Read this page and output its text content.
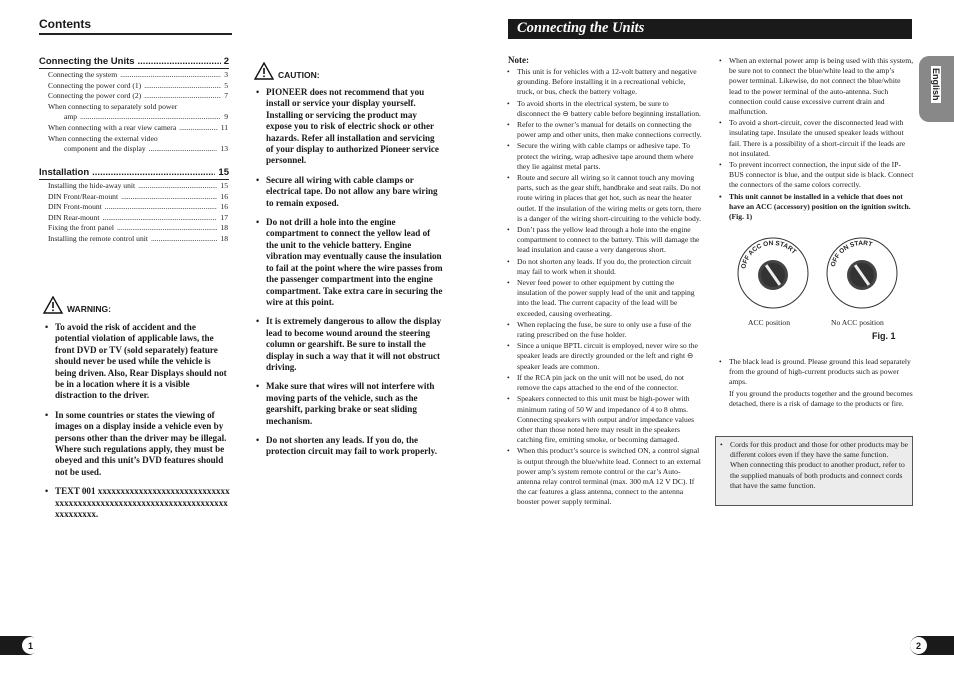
Contents
Connecting the Units .....	2
Connecting the system .....	3
Connecting the power cord (1) .....	5
Connecting the power cord (2) .....	7
When connecting to separately sold power
amp .....	9
When connecting with a rear view camera .....	11
When connecting the external video
component and the display .....	13
Installation .....	15
Installing the hide-away unit .....	15
DIN Front/Rear-mount .....	16
DIN Front-mount .....	16
DIN Rear-mount .....	17
Fixing the front panel .....	18
Installing the remote control unit .....	18
WARNING:
• To avoid the risk of accident and the potential violation of applicable laws, the front DVD or TV (sold separately) feature should never be used while the vehicle is being driven. Also, Rear Displays should not be in a location where it is a visible distraction to the driver.
• In some countries or states the viewing of images on a display inside a vehicle even by persons other than the driver may be illegal. Where such regulations apply, they must be obeyed and this unit’s DVD features should not be used.
• TEXT 001 xxxxxxxxxxxxxxxxxxxxxxxxxxxxxxxxxxxxxxxxxxxxxxxxxxxxxxxxxxxxxxxxxxxxxxxxxxxx.
CAUTION:
• PIONEER does not recommend that you install or service your display yourself. Installing or servicing the product may expose you to risk of electric shock or other hazards. Refer all installation and servicing of your display to authorized Pioneer service personnel.
• Secure all wiring with cable clamps or electrical tape. Do not allow any bare wiring to remain exposed.
• Do not drill a hole into the engine compartment to connect the yellow lead of the unit to the vehicle battery. Engine vibration may eventually cause the insulation to fail at the point where the wire passes from the passenger compartment into the engine compartment. Take extra care in securing the wire at this point.
• It is extremely dangerous to allow the display lead to become wound around the steering column or gearshift. Be sure to install the display in such a way that it will not obstruct driving.
• Make sure that wires will not interfere with moving parts of the vehicle, such as the gearshift, parking brake or seat sliding mechanism.
• Do not shorten any leads. If you do, the protection circuit may fail to work properly.
Connecting the Units
English
Note:
• This unit is for vehicles with a 12-volt battery and negative grounding. Before installing it in a recreational vehicle, truck, or bus, check the battery voltage.
• To avoid shorts in the electrical system, be sure to disconnect the ⊖ battery cable before beginning installation.
• Refer to the owner’s manual for details on connecting the power amp and other units, then make connections correctly.
• Secure the wiring with cable clamps or adhesive tape. To protect the wiring, wrap adhesive tape around them where they lie against metal parts.
• Route and secure all wiring so it cannot touch any moving parts, such as the gear shift, handbrake and seat rails. Do not route wiring in places that get hot, such as near the heater outlet. If the insulation of the wiring melts or gets torn, there is a danger of the wiring short-circuiting to the vehicle body.
• Don’t pass the yellow lead through a hole into the engine compartment to connect to the battery. This will damage the lead insulation and cause a very dangerous short.
• Do not shorten any leads. If you do, the protection circuit may fail to work when it should.
• Never feed power to other equipment by cutting the insulation of the power supply lead of the unit and tapping into the lead. The current capacity of the lead will be exceeded, causing overheating.
• When replacing the fuse, be sure to only use a fuse of the rating prescribed on the fuse holder.
• Since a unique BPTL circuit is employed, never wire so the speaker leads are directly grounded or the left and right ⊖ speaker leads are common.
• If the RCA pin jack on the unit will not be used, do not remove the caps attached to the end of the connector.
• Speakers connected to this unit must be high-power with minimum rating of 50 W and impedance of 4 to 8 ohms. Connecting speakers with output and/or impedance values other than those noted here may result in the speakers catching fire, emitting smoke, or becoming damaged.
• When this product’s source is switched ON, a control signal is output through the blue/white lead. Connect to an external power amp’s system remote control or the car’s Auto-antenna relay control terminal (max. 300 mA 12 V DC). If the car features a glass antenna, connect to the antenna booster power supply terminal.
• When an external power amp is being used with this system, be sure not to connect the blue/white lead to the amp’s power terminal. Likewise, do not connect the blue/white lead to the power terminal of the auto-antenna. Such connection could cause excessive current drain and malfunction.
• To avoid a short-circuit, cover the disconnected lead with insulating tape. Insulate the unused speaker leads without fail. There is a possibility of a short-circuit if the leads are not insulated.
• To prevent incorrect connection, the input side of the IP-BUS connector is blue, and the output side is black. Connect the connectors of the same colors correctly.
• This unit cannot be installed in a vehicle that does not have an ACC (accessory) position on the ignition switch. (Fig. 1)
OFF ACC ON START
OFF ON START
ACC position	No ACC position
Fig. 1
• The black lead is ground. Please ground this lead separately from the ground of high-current products such as power amps.
If you ground the products together and the ground becomes detached, there is a risk of damage to the products or fire.
• Cords for this product and those for other products may be different colors even if they have the same function. When connecting this product to another product, refer to the supplied manuals of both products and connect cords that have the same function.
1	2
